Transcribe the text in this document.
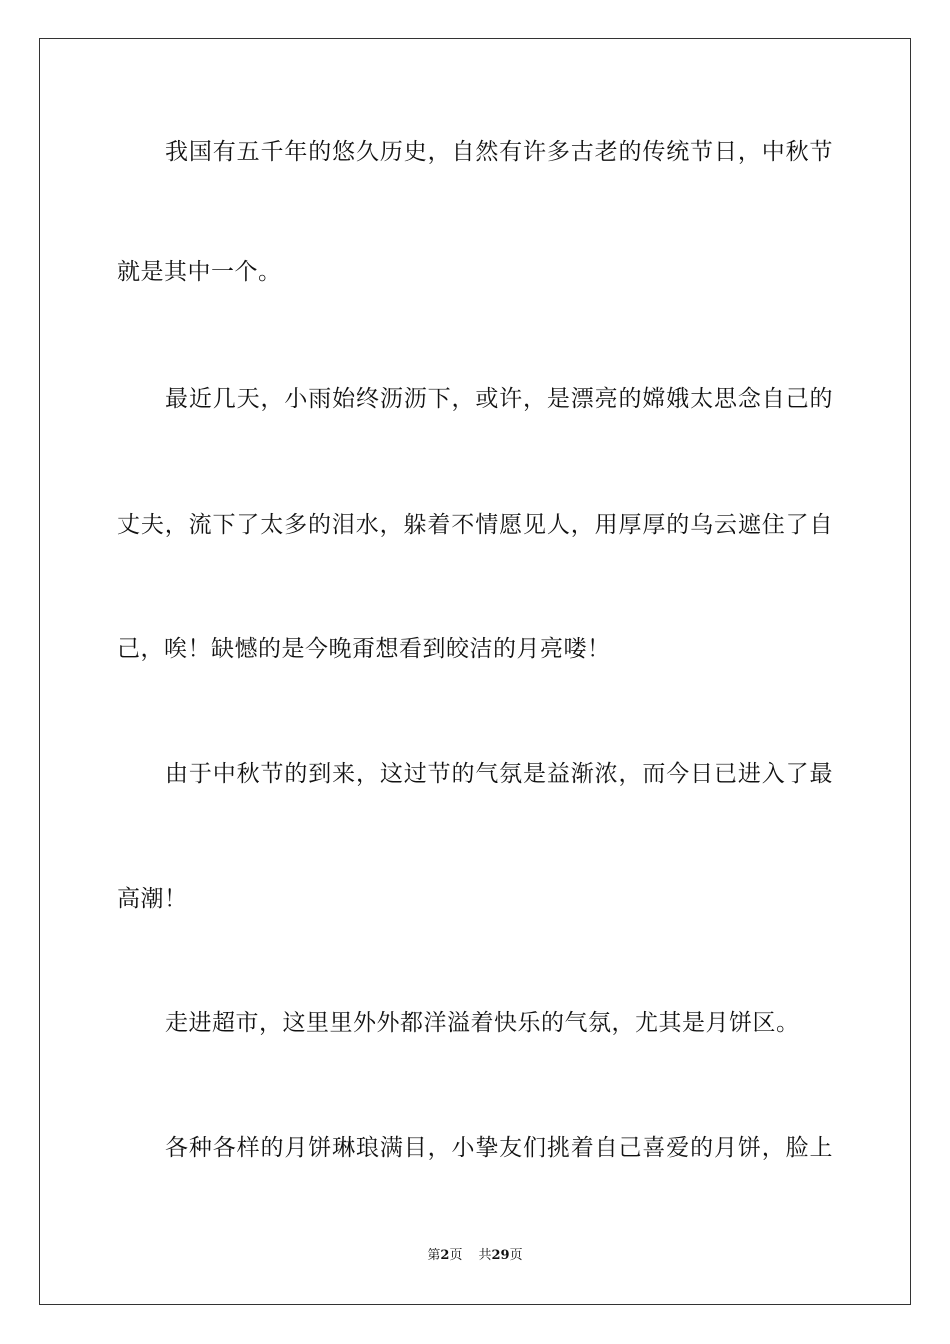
我国有五千年的悠久历史，自然有许多古老的传统节日，中秋节
就是其中一个。
最近几天，小雨始终沥沥下，或许，是漂亮的嫦娥太思念自己的
丈夫，流下了太多的泪水，躲着不情愿见人，用厚厚的乌云遮住了自
己，唉！缺憾的是今晚甭想看到皎洁的月亮喽！
由于中秋节的到来，这过节的气氛是益渐浓，而今日已进入了最
高潮！
走进超市，这里里外外都洋溢着快乐的气氛，尤其是月饼区。
各种各样的月饼琳琅满目，小挚友们挑着自己喜爱的月饼，脸上
第2页 共29页
